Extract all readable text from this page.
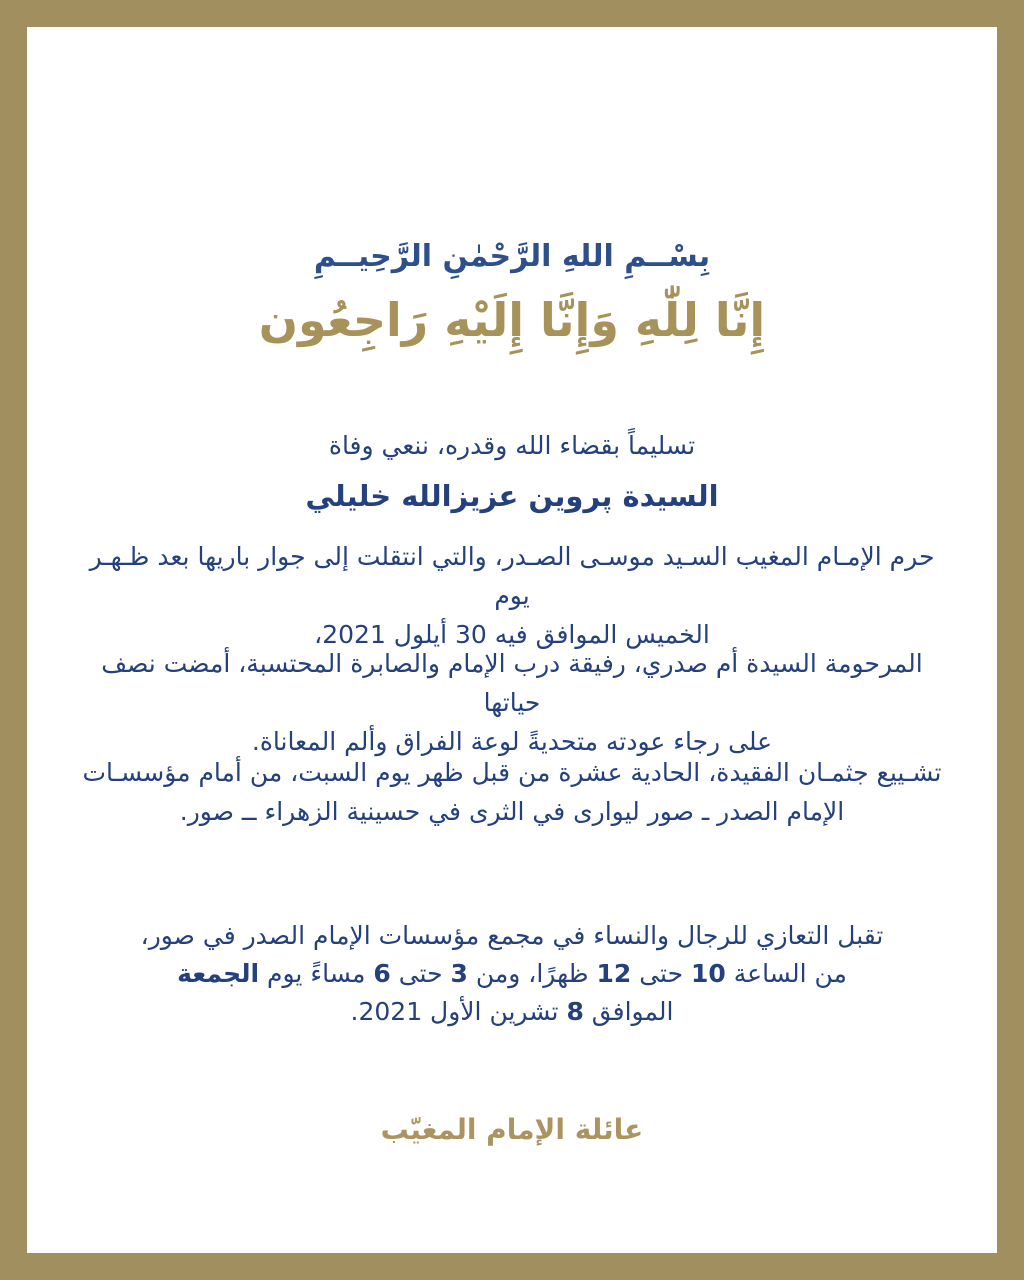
بِسْــمِ اللهِ الرَّحْمٰنِ الرَّحِيــمِ
إِنَّا لِلّٰهِ وَإِنَّا إِلَيْهِ رَاجِعُون
تسليماً بقضاء الله وقدره، ننعي وفاة
السيدة پروين عزيزالله خليلي
حرم الإمـام المغيب السـيد موسـى الصـدر، والتي انتقلت إلى جوار باريها بعد ظـهـر يوم
الخميس الموافق فيه 30 أيلول 2021،
المرحومة السيدة أم صدري، رفيقة درب الإمام والصابرة المحتسبة، أمضت نصف حياتها
على رجاء عودته متحديةً لوعة الفراق وألم المعاناة.
تشـييع جثمـان الفقيدة، الحادية عشرة من قبل ظهر يوم السبت، من أمام مؤسسـات
الإمام الصدر ـ صور ليوارى في الثرى في حسينية الزهراء ــ صور.
تقبل التعازي للرجال والنساء في مجمع مؤسسات الإمام الصدر في صور،
من الساعة 10 حتى 12 ظهرًا، ومن 3 حتى 6 مساءً يوم الجمعة
الموافق 8 تشرين الأول 2021.
عائلة الإمام المغيّب
